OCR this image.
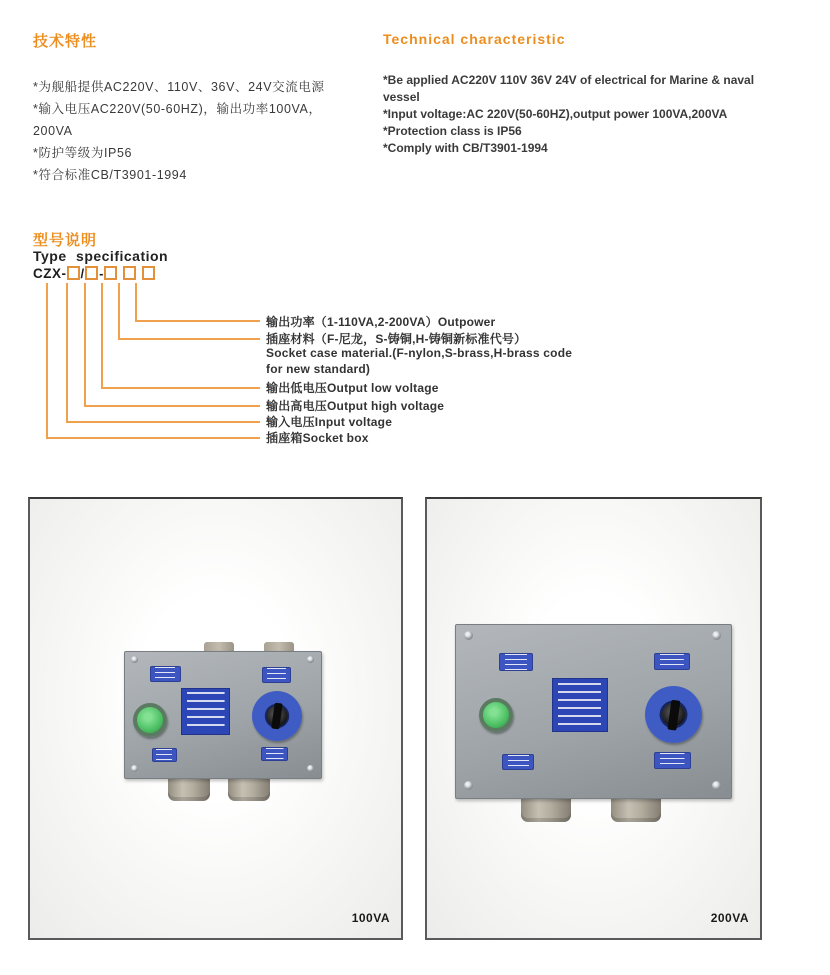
技术特性
*为舰船提供AC220V、110V、36V、24V交流电源
*输入电压AC220V(50-60HZ)，输出功率100VA，
200VA
*防护等级为IP56
*符合标准CB/T3901-1994
Technical characteristic
*Be applied AC220V 110V 36V 24V of electrical for Marine & naval
vessel
*Input voltage:AC 220V(50-60HZ),output power 100VA,200VA
*Protection class is IP56
*Comply with CB/T3901-1994
型号说明
Type specification
CZX- / -
输出功率（1-110VA,2-200VA）Outpower
插座材料（F-尼龙，S-铸铜,H-铸铜新标准代号）
Socket case material.(F-nylon,S-brass,H-brass code
for new standard)
输出低电压Output low voltage
输出高电压Output high voltage
输入电压Input voltage
插座箱Socket box
100VA	200VA
